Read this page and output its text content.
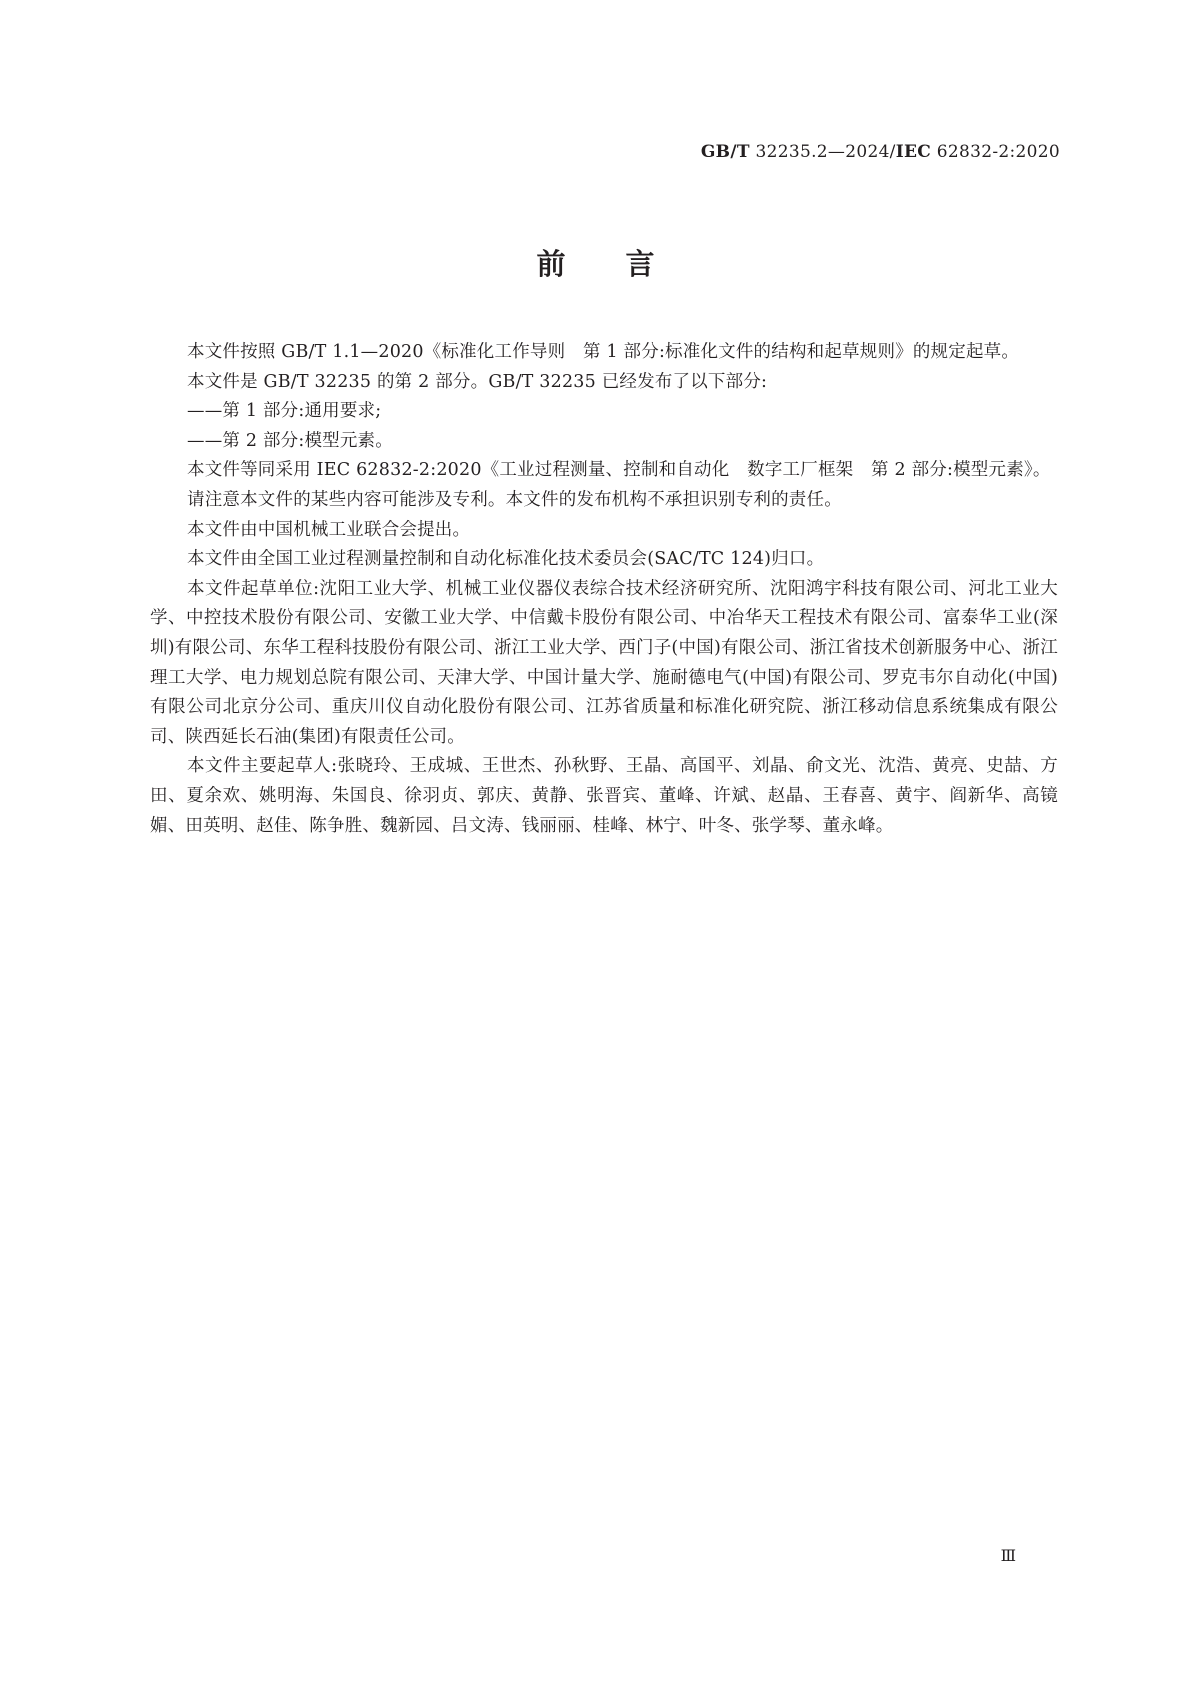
GB/T 32235.2—2024/IEC 62832-2:2020
前言

本文件按照 GB/T 1.1—2020《标准化工作导则　第 1 部分:标准化文件的结构和起草规则》的规定起草。

本文件是 GB/T 32235 的第 2 部分。GB/T 32235 已经发布了以下部分:

——第 1 部分:通用要求;

——第 2 部分:模型元素。

本文件等同采用 IEC 62832-2:2020《工业过程测量、控制和自动化　数字工厂框架　第 2 部分:模型元素》。

请注意本文件的某些内容可能涉及专利。本文件的发布机构不承担识别专利的责任。

本文件由中国机械工业联合会提出。

本文件由全国工业过程测量控制和自动化标准化技术委员会(SAC/TC 124)归口。

本文件起草单位:沈阳工业大学、机械工业仪器仪表综合技术经济研究所、沈阳鸿宇科技有限公司、河北工业大学、中控技术股份有限公司、安徽工业大学、中信戴卡股份有限公司、中冶华天工程技术有限公司、富泰华工业(深圳)有限公司、东华工程科技股份有限公司、浙江工业大学、西门子(中国)有限公司、浙江省技术创新服务中心、浙江理工大学、电力规划总院有限公司、天津大学、中国计量大学、施耐德电气(中国)有限公司、罗克韦尔自动化(中国)有限公司北京分公司、重庆川仪自动化股份有限公司、江苏省质量和标准化研究院、浙江移动信息系统集成有限公司、陕西延长石油(集团)有限责任公司。

本文件主要起草人:张晓玲、王成城、王世杰、孙秋野、王晶、高国平、刘晶、俞文光、沈浩、黄亮、史喆、方田、夏余欢、姚明海、朱国良、徐羽贞、郭庆、黄静、张晋宾、董峰、许斌、赵晶、王春喜、黄宇、阎新华、高镜媚、田英明、赵佳、陈争胜、魏新园、吕文涛、钱丽丽、桂峰、林宁、叶冬、张学琴、董永峰。

Ⅲ
